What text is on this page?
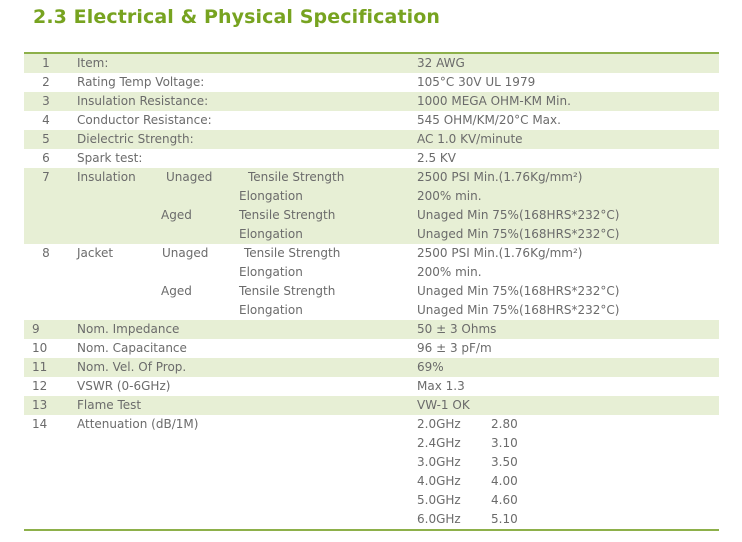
2.3 Electrical & Physical Specification
1	Item:	32 AWG
2	Rating Temp Voltage:	105°C 30V UL 1979
3	Insulation Resistance:	1000 MEGA OHM-KM Min.
4	Conductor Resistance:	545 OHM/KM/20°C Max.
5	Dielectric Strength:	AC 1.0 KV/minute
6	Spark test:	2.5 KV
7	Insulation	Unaged	Tensile Strength	2500 PSI Min.(1.76Kg/mm²)
Elongation	200% min.
Aged	Tensile Strength	Unaged Min 75%(168HRS*232°C)
Elongation	Unaged Min 75%(168HRS*232°C)
8	Jacket	Unaged	Tensile Strength	2500 PSI Min.(1.76Kg/mm²)
Elongation	200% min.
Aged	Tensile Strength	Unaged Min 75%(168HRS*232°C)
Elongation	Unaged Min 75%(168HRS*232°C)
9	Nom. Impedance	50 ± 3 Ohms
10	Nom. Capacitance	96 ± 3 pF/m
11	Nom. Vel. Of Prop.	69%
12	VSWR (0-6GHz)	Max 1.3
13	Flame Test	VW-1 OK
14	Attenuation (dB/1M)	2.0GHz	2.80
2.4GHz	3.10
3.0GHz	3.50
4.0GHz	4.00
5.0GHz	4.60
6.0GHz	5.10
